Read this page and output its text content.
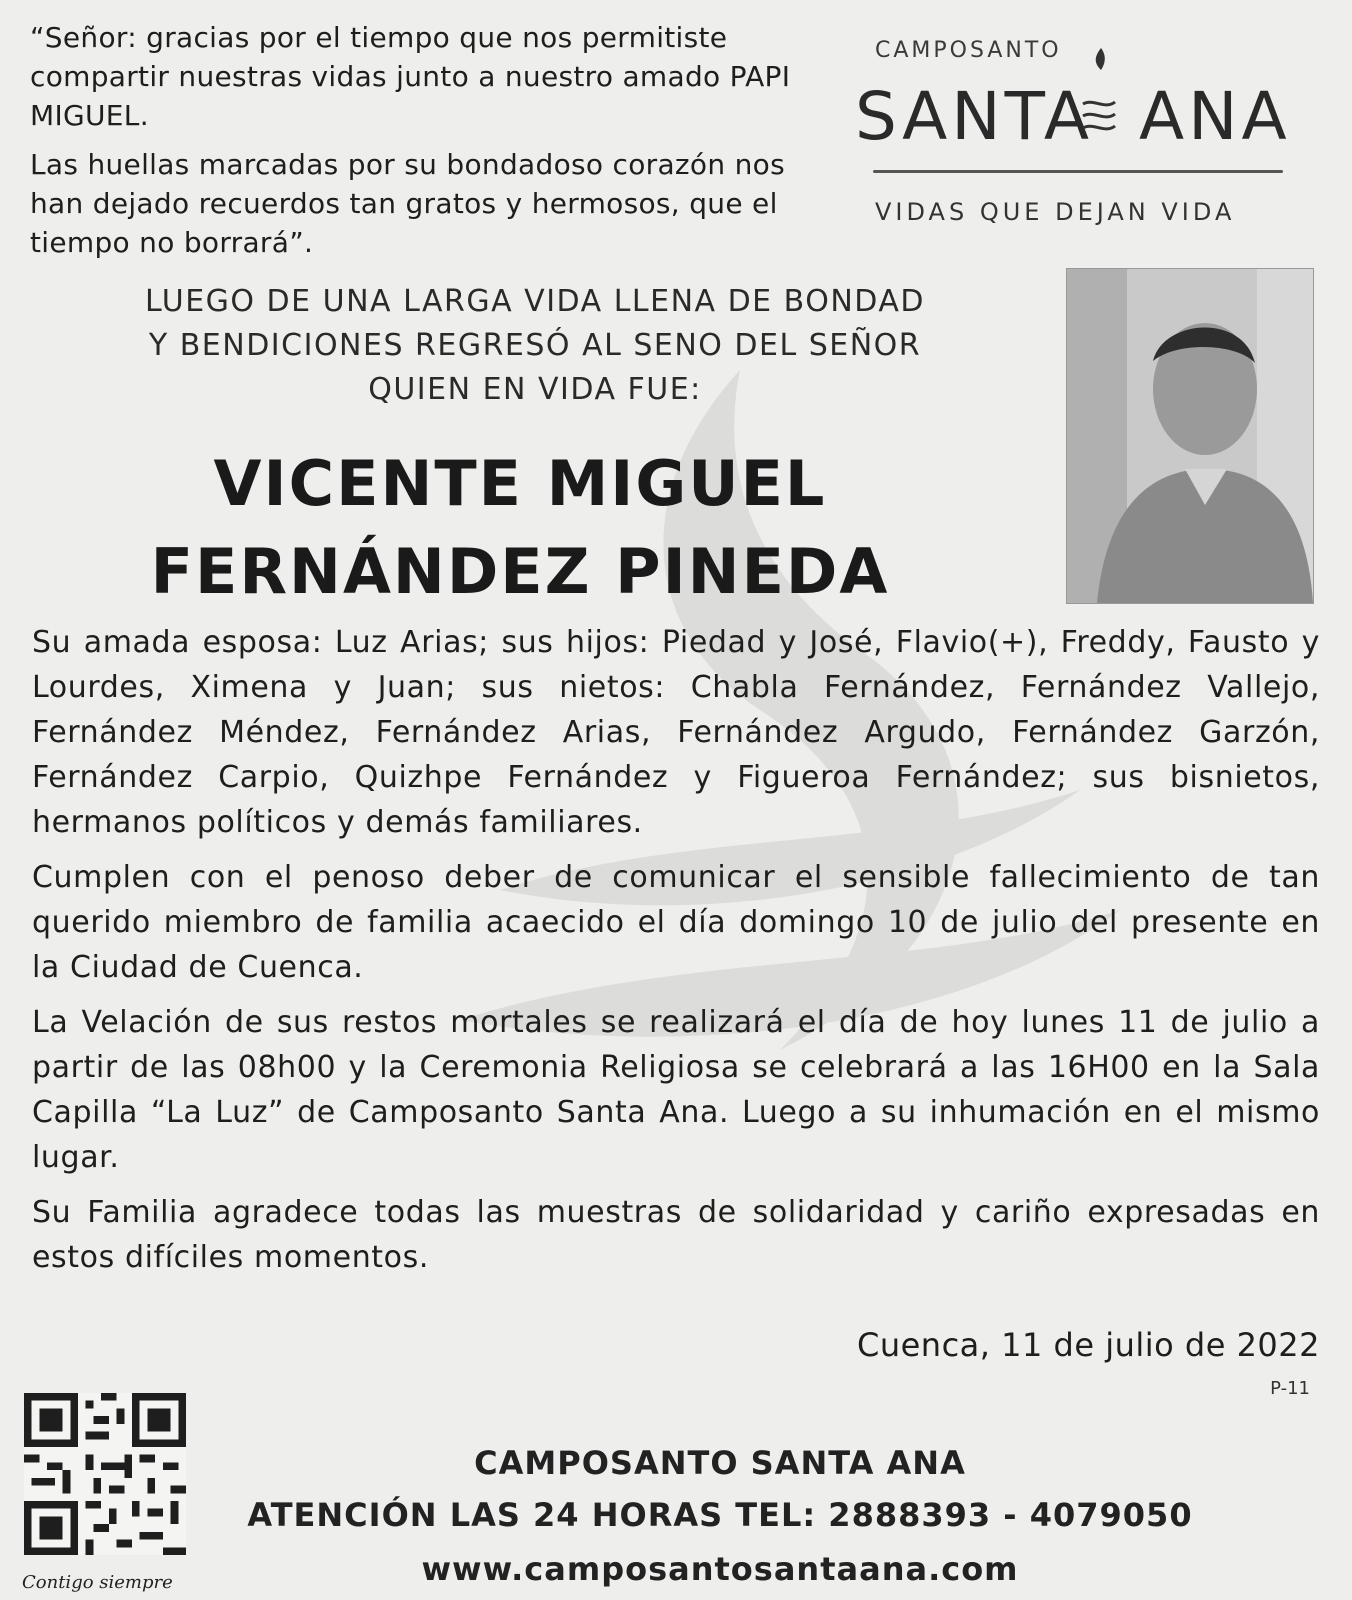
“Señor: gracias por el tiempo que nos permitiste compartir nuestras vidas junto a nuestro amado PAPI MIGUEL.

Las huellas marcadas por su bondadoso corazón nos han dejado recuerdos tan gratos y hermosos, que el tiempo no borrará”.

CAMPOSANTO
SANTA ANA
VIDAS QUE DEJAN VIDA
LUEGO DE UNA LARGA VIDA LLENA DE BONDAD
Y BENDICIONES REGRESÓ AL SENO DEL SEÑOR
QUIEN EN VIDA FUE:
VICENTE MIGUEL
FERNÁNDEZ PINEDA

Su amada esposa: Luz Arias; sus hijos: Piedad y José, Flavio(+), Freddy, Fausto y Lourdes, Ximena y Juan; sus nietos: Chabla Fernández, Fernández Vallejo, Fernández Méndez, Fernández Arias, Fernández Argudo, Fernández Garzón, Fernández Carpio, Quizhpe Fernández y Figueroa Fernández; sus bisnietos, hermanos políticos y demás familiares.

Cumplen con el penoso deber de comunicar el sensible fallecimiento de tan querido miembro de familia acaecido el día domingo 10 de julio del presente en la Ciudad de Cuenca.

La Velación de sus restos mortales se realizará el día de hoy lunes 11 de julio a partir de las 08h00 y la Ceremonia Religiosa se celebrará a las 16H00 en la Sala Capilla “La Luz” de Camposanto Santa Ana. Luego a su inhumación en el mismo lugar.

Su Familia agradece todas las muestras de solidaridad y cariño expresadas en estos difíciles momentos.

Cuenca, 11 de julio de 2022
P-11
Contigo siempre
CAMPOSANTO SANTA ANA
ATENCIÓN LAS 24 HORAS TEL: 2888393 - 4079050
www.camposantosantaana.com
